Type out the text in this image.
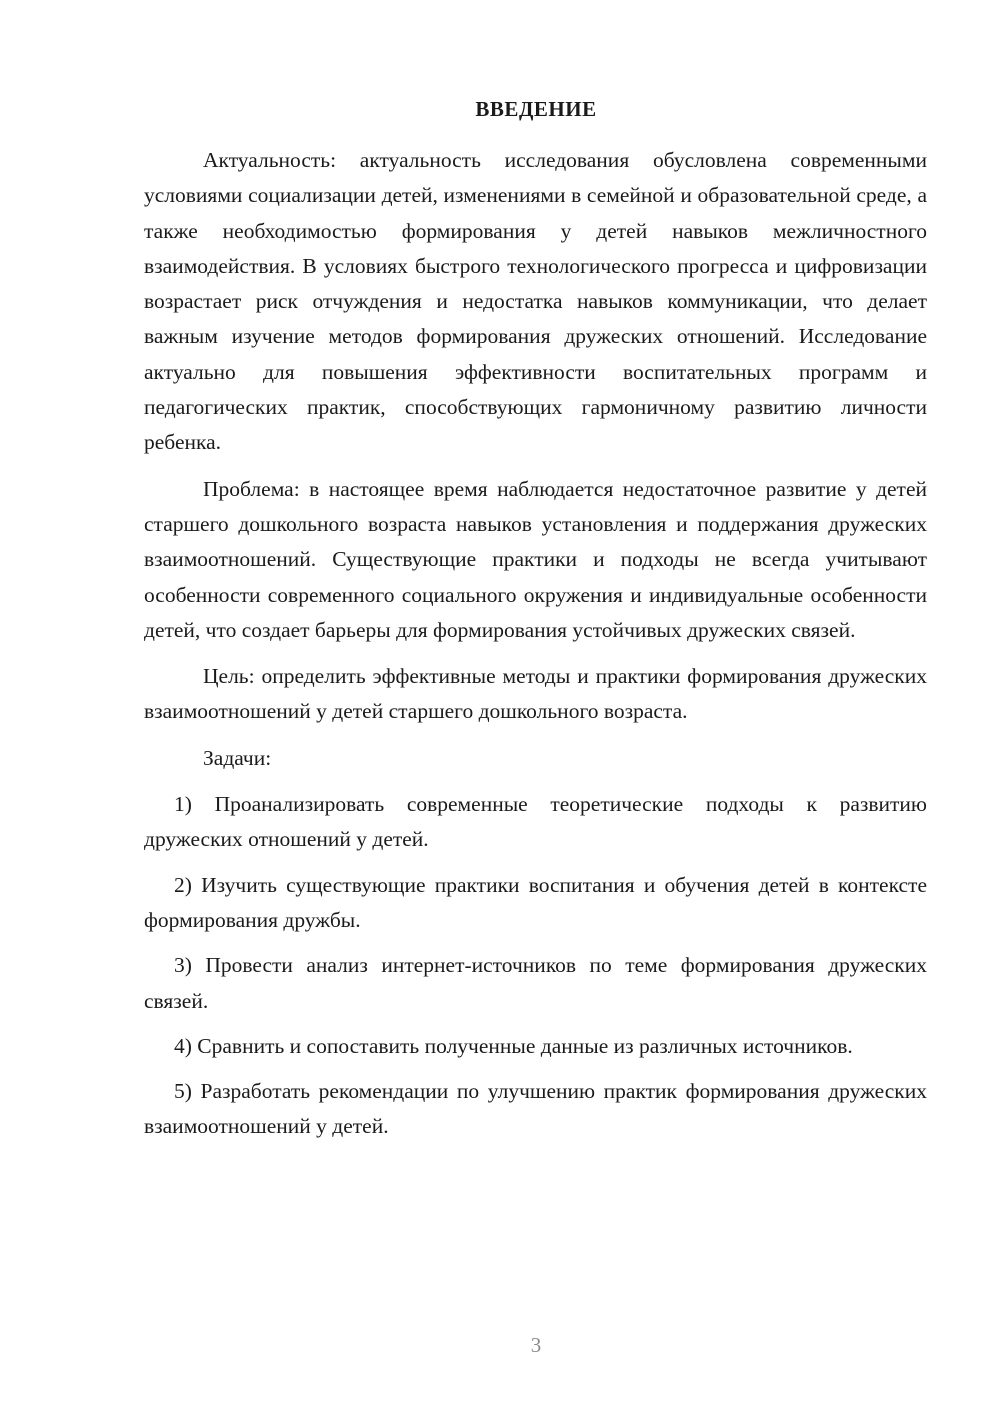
ВВЕДЕНИЕ

Актуальность: актуальность исследования обусловлена современными условиями социализации детей, изменениями в семейной и образовательной среде, а также необходимостью формирования у детей навыков межличностного взаимодействия. В условиях быстрого технологического прогресса и цифровизации возрастает риск отчуждения и недостатка навыков коммуникации, что делает важным изучение методов формирования дружеских отношений. Исследование актуально для повышения эффективности воспитательных программ и педагогических практик, способствующих гармоничному развитию личности ребенка.

Проблема: в настоящее время наблюдается недостаточное развитие у детей старшего дошкольного возраста навыков установления и поддержания дружеских взаимоотношений. Существующие практики и подходы не всегда учитывают особенности современного социального окружения и индивидуальные особенности детей, что создает барьеры для формирования устойчивых дружеских связей.

Цель: определить эффективные методы и практики формирования дружеских взаимоотношений у детей старшего дошкольного возраста.

Задачи:

1) Проанализировать современные теоретические подходы к развитию дружеских отношений у детей.

2) Изучить существующие практики воспитания и обучения детей в контексте формирования дружбы.

3) Провести анализ интернет-источников по теме формирования дружеских связей.

4) Сравнить и сопоставить полученные данные из различных источников.

5) Разработать рекомендации по улучшению практик формирования дружеских взаимоотношений у детей.

3
